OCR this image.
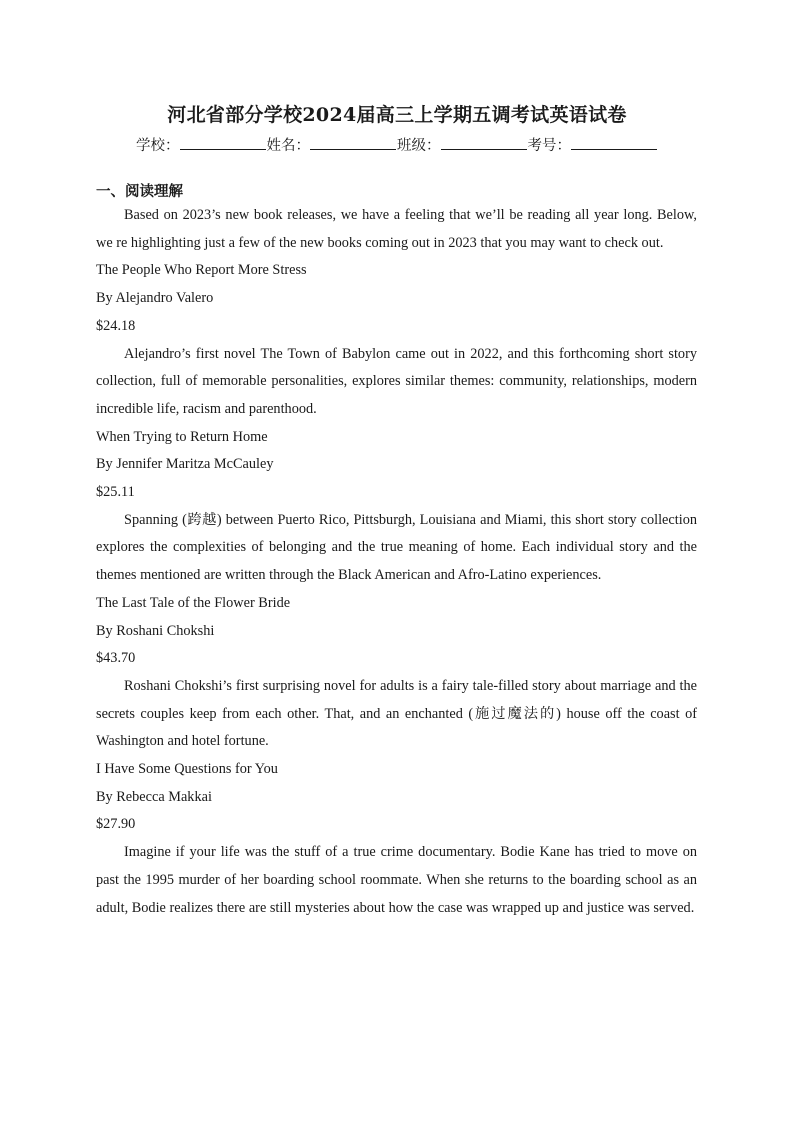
河北省部分学校2024届高三上学期五调考试英语试卷
学校：	姓名：	班级：	考号：
一、阅读理解

Based on 2023’s new book releases, we have a feeling that we’ll be reading all year long. Below, we re highlighting just a few of the new books coming out in 2023 that you may want to check out.

The People Who Report More Stress

By Alejandro Valero

$24.18

Alejandro’s first novel The Town of Babylon came out in 2022, and this forthcoming short story collection, full of memorable personalities, explores similar themes: community, relationships, modern incredible life, racism and parenthood.

When Trying to Return Home

By Jennifer Maritza McCauley

$25.11

Spanning (跨越) between Puerto Rico, Pittsburgh, Louisiana and Miami, this short story collection explores the complexities of belonging and the true meaning of home. Each individual story and the themes mentioned are written through the Black American and Afro-Latino experiences.

The Last Tale of the Flower Bride

By Roshani Chokshi

$43.70

Roshani Chokshi’s first surprising novel for adults is a fairy tale-filled story about marriage and the secrets couples keep from each other. That, and an enchanted (施过魔法的) house off the coast of Washington and hotel fortune.

I Have Some Questions for You

By Rebecca Makkai

$27.90

Imagine if your life was the stuff of a true crime documentary. Bodie Kane has tried to move on past the 1995 murder of her boarding school roommate. When she returns to the boarding school as an adult, Bodie realizes there are still mysteries about how the case was wrapped up and justice was served.
